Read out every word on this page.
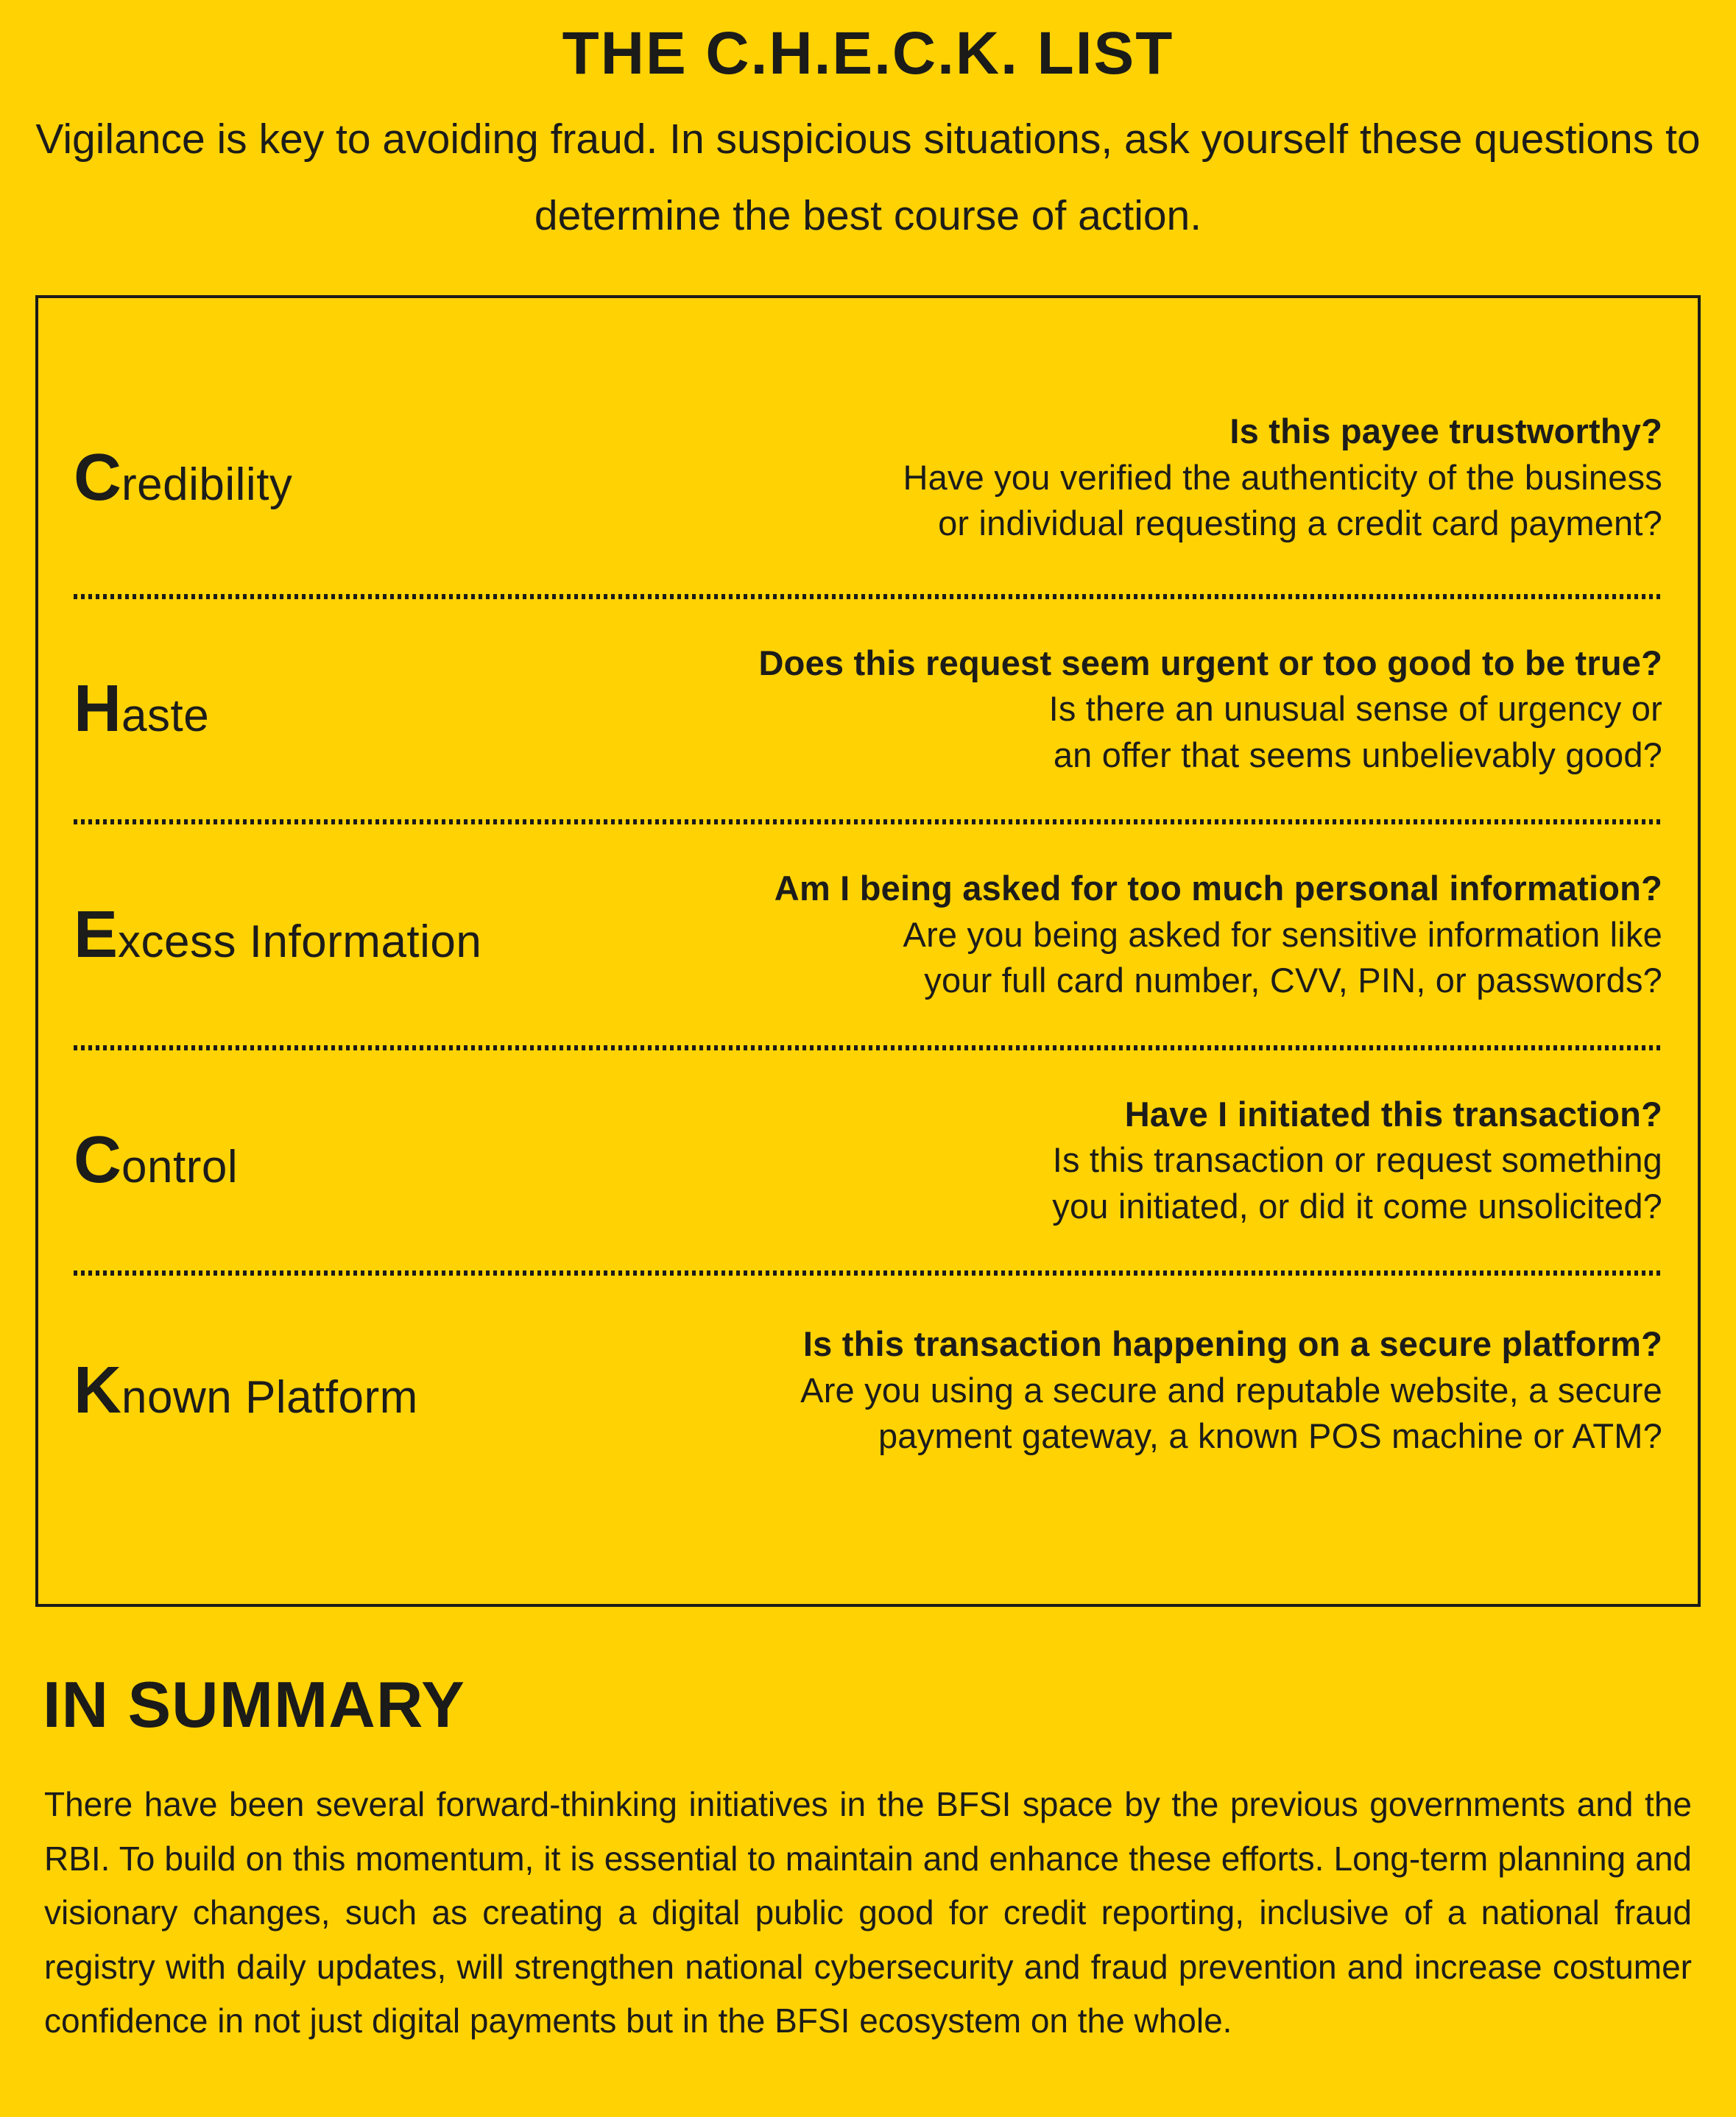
THE C.H.E.C.K. LIST

Vigilance is key to avoiding fraud. In suspicious situations, ask yourself these questions to determine the best course of action.

Credibility
Is this payee trustworthy?
Have you verified the authenticity of the business
or individual requesting a credit card payment?
Haste
Does this request seem urgent or too good to be true?
Is there an unusual sense of urgency or
an offer that seems unbelievably good?
Excess Information
Am I being asked for too much personal information?
Are you being asked for sensitive information like
your full card number, CVV, PIN, or passwords?
Control
Have I initiated this transaction?
Is this transaction or request something
you initiated, or did it come unsolicited?
Known Platform
Is this transaction happening on a secure platform?
Are you using a secure and reputable website, a secure
payment gateway, a known POS machine or ATM?
IN SUMMARY

There have been several forward-thinking initiatives in the BFSI space by the previous governments and the RBI. To build on this momentum, it is essential to maintain and enhance these efforts. Long-term planning and visionary changes, such as creating a digital public good for credit reporting, inclusive of a national fraud registry with daily updates, will strengthen national cybersecurity and fraud prevention and increase costumer confidence in not just digital payments but in the BFSI ecosystem on the whole.
